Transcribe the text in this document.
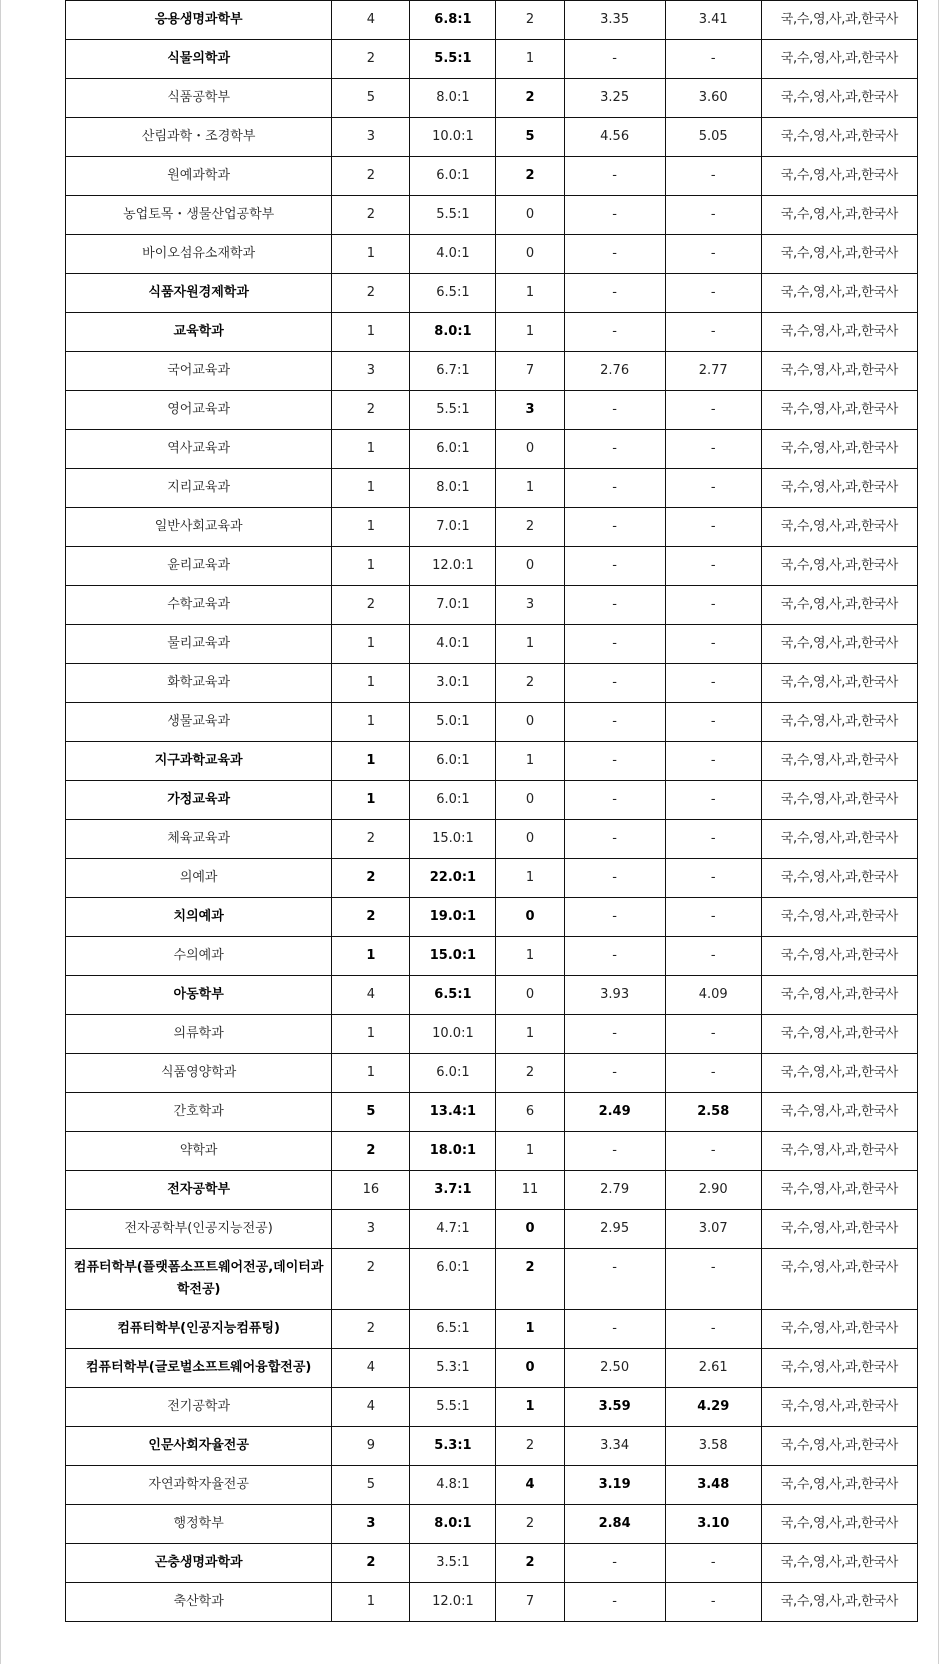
응용생명과학부	4	6.8:1	2	3.35	3.41	국,수,영,사,과,한국사
식물의학과	2	5.5:1	1	-	-	국,수,영,사,과,한국사
식품공학부	5	8.0:1	2	3.25	3.60	국,수,영,사,과,한국사
산림과학・조경학부	3	10.0:1	5	4.56	5.05	국,수,영,사,과,한국사
원예과학과	2	6.0:1	2	-	-	국,수,영,사,과,한국사
농업토목・생물산업공학부	2	5.5:1	0	-	-	국,수,영,사,과,한국사
바이오섬유소재학과	1	4.0:1	0	-	-	국,수,영,사,과,한국사
식품자원경제학과	2	6.5:1	1	-	-	국,수,영,사,과,한국사
교육학과	1	8.0:1	1	-	-	국,수,영,사,과,한국사
국어교육과	3	6.7:1	7	2.76	2.77	국,수,영,사,과,한국사
영어교육과	2	5.5:1	3	-	-	국,수,영,사,과,한국사
역사교육과	1	6.0:1	0	-	-	국,수,영,사,과,한국사
지리교육과	1	8.0:1	1	-	-	국,수,영,사,과,한국사
일반사회교육과	1	7.0:1	2	-	-	국,수,영,사,과,한국사
윤리교육과	1	12.0:1	0	-	-	국,수,영,사,과,한국사
수학교육과	2	7.0:1	3	-	-	국,수,영,사,과,한국사
물리교육과	1	4.0:1	1	-	-	국,수,영,사,과,한국사
화학교육과	1	3.0:1	2	-	-	국,수,영,사,과,한국사
생물교육과	1	5.0:1	0	-	-	국,수,영,사,과,한국사
지구과학교육과	1	6.0:1	1	-	-	국,수,영,사,과,한국사
가정교육과	1	6.0:1	0	-	-	국,수,영,사,과,한국사
체육교육과	2	15.0:1	0	-	-	국,수,영,사,과,한국사
의예과	2	22.0:1	1	-	-	국,수,영,사,과,한국사
치의예과	2	19.0:1	0	-	-	국,수,영,사,과,한국사
수의예과	1	15.0:1	1	-	-	국,수,영,사,과,한국사
아동학부	4	6.5:1	0	3.93	4.09	국,수,영,사,과,한국사
의류학과	1	10.0:1	1	-	-	국,수,영,사,과,한국사
식품영양학과	1	6.0:1	2	-	-	국,수,영,사,과,한국사
간호학과	5	13.4:1	6	2.49	2.58	국,수,영,사,과,한국사
약학과	2	18.0:1	1	-	-	국,수,영,사,과,한국사
전자공학부	16	3.7:1	11	2.79	2.90	국,수,영,사,과,한국사
전자공학부(인공지능전공)	3	4.7:1	0	2.95	3.07	국,수,영,사,과,한국사
컴퓨터학부(플랫폼소프트웨어전공,데이터과학전공)	2	6.0:1	2	-	-	국,수,영,사,과,한국사
컴퓨터학부(인공지능컴퓨팅)	2	6.5:1	1	-	-	국,수,영,사,과,한국사
컴퓨터학부(글로벌소프트웨어융합전공)	4	5.3:1	0	2.50	2.61	국,수,영,사,과,한국사
전기공학과	4	5.5:1	1	3.59	4.29	국,수,영,사,과,한국사
인문사회자율전공	9	5.3:1	2	3.34	3.58	국,수,영,사,과,한국사
자연과학자율전공	5	4.8:1	4	3.19	3.48	국,수,영,사,과,한국사
행정학부	3	8.0:1	2	2.84	3.10	국,수,영,사,과,한국사
곤충생명과학과	2	3.5:1	2	-	-	국,수,영,사,과,한국사
축산학과	1	12.0:1	7	-	-	국,수,영,사,과,한국사
